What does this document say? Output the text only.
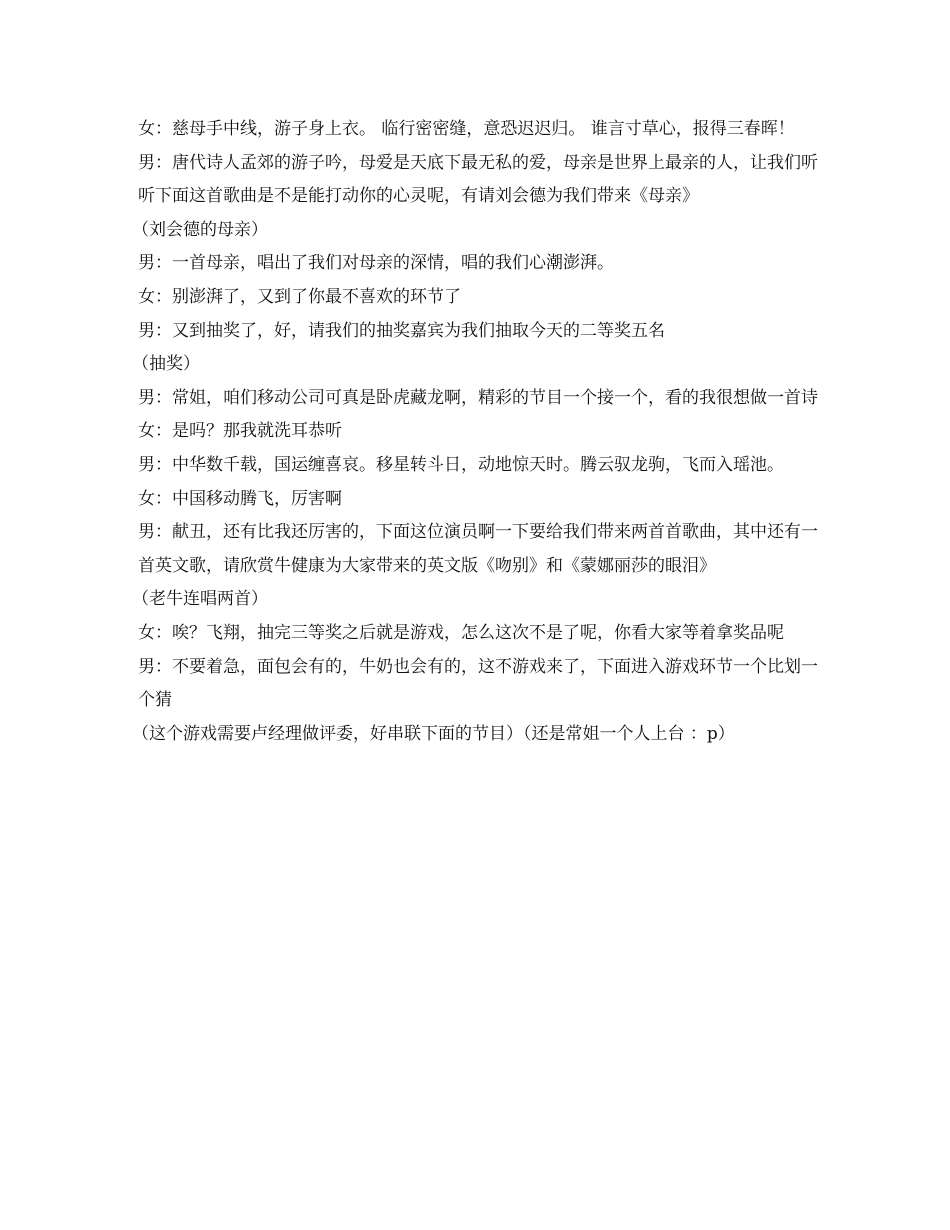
女：慈母手中线，游子身上衣。 临行密密缝，意恐迟迟归。 谁言寸草心，报得三春晖！

男：唐代诗人孟郊的游子吟，母爱是天底下最无私的爱，母亲是世界上最亲的人，让我们听听下面这首歌曲是不是能打动你的心灵呢，有请刘会德为我们带来《母亲》

（刘会德的母亲）

男：一首母亲，唱出了我们对母亲的深情，唱的我们心潮澎湃。

女：别澎湃了，又到了你最不喜欢的环节了

男：又到抽奖了，好，请我们的抽奖嘉宾为我们抽取今天的二等奖五名

（抽奖）

男：常姐，咱们移动公司可真是卧虎藏龙啊，精彩的节目一个接一个，看的我很想做一首诗

女：是吗？那我就洗耳恭听

男：中华数千载，国运缠喜哀。移星转斗日，动地惊天时。腾云驭龙驹，飞而入瑶池。

女：中国移动腾飞，厉害啊

男：献丑，还有比我还厉害的，下面这位演员啊一下要给我们带来两首首歌曲，其中还有一首英文歌，请欣赏牛健康为大家带来的英文版《吻别》和《蒙娜丽莎的眼泪》

（老牛连唱两首）

女：唉？飞翔，抽完三等奖之后就是游戏，怎么这次不是了呢，你看大家等着拿奖品呢

男：不要着急，面包会有的，牛奶也会有的，这不游戏来了，下面进入游戏环节一个比划一个猜

（这个游戏需要卢经理做评委，好串联下面的节目）（还是常姐一个人上台 ：p）
